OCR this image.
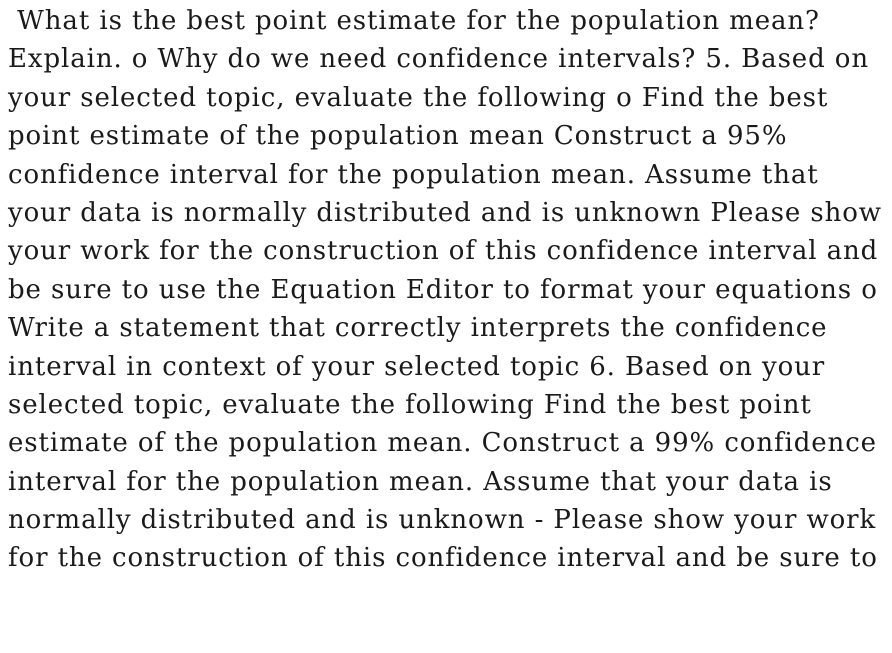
What is the best point estimate for the population mean?
Explain. o Why do we need confidence intervals? 5. Based on
your selected topic, evaluate the following o Find the best
point estimate of the population mean Construct a 95%
confidence interval for the population mean. Assume that
your data is normally distributed and is unknown Please show
your work for the construction of this confidence interval and
be sure to use the Equation Editor to format your equations o
Write a statement that correctly interprets the confidence
interval in context of your selected topic 6. Based on your
selected topic, evaluate the following Find the best point
estimate of the population mean. Construct a 99% confidence
interval for the population mean. Assume that your data is
normally distributed and is unknown - Please show your work
for the construction of this confidence interval and be sure to
